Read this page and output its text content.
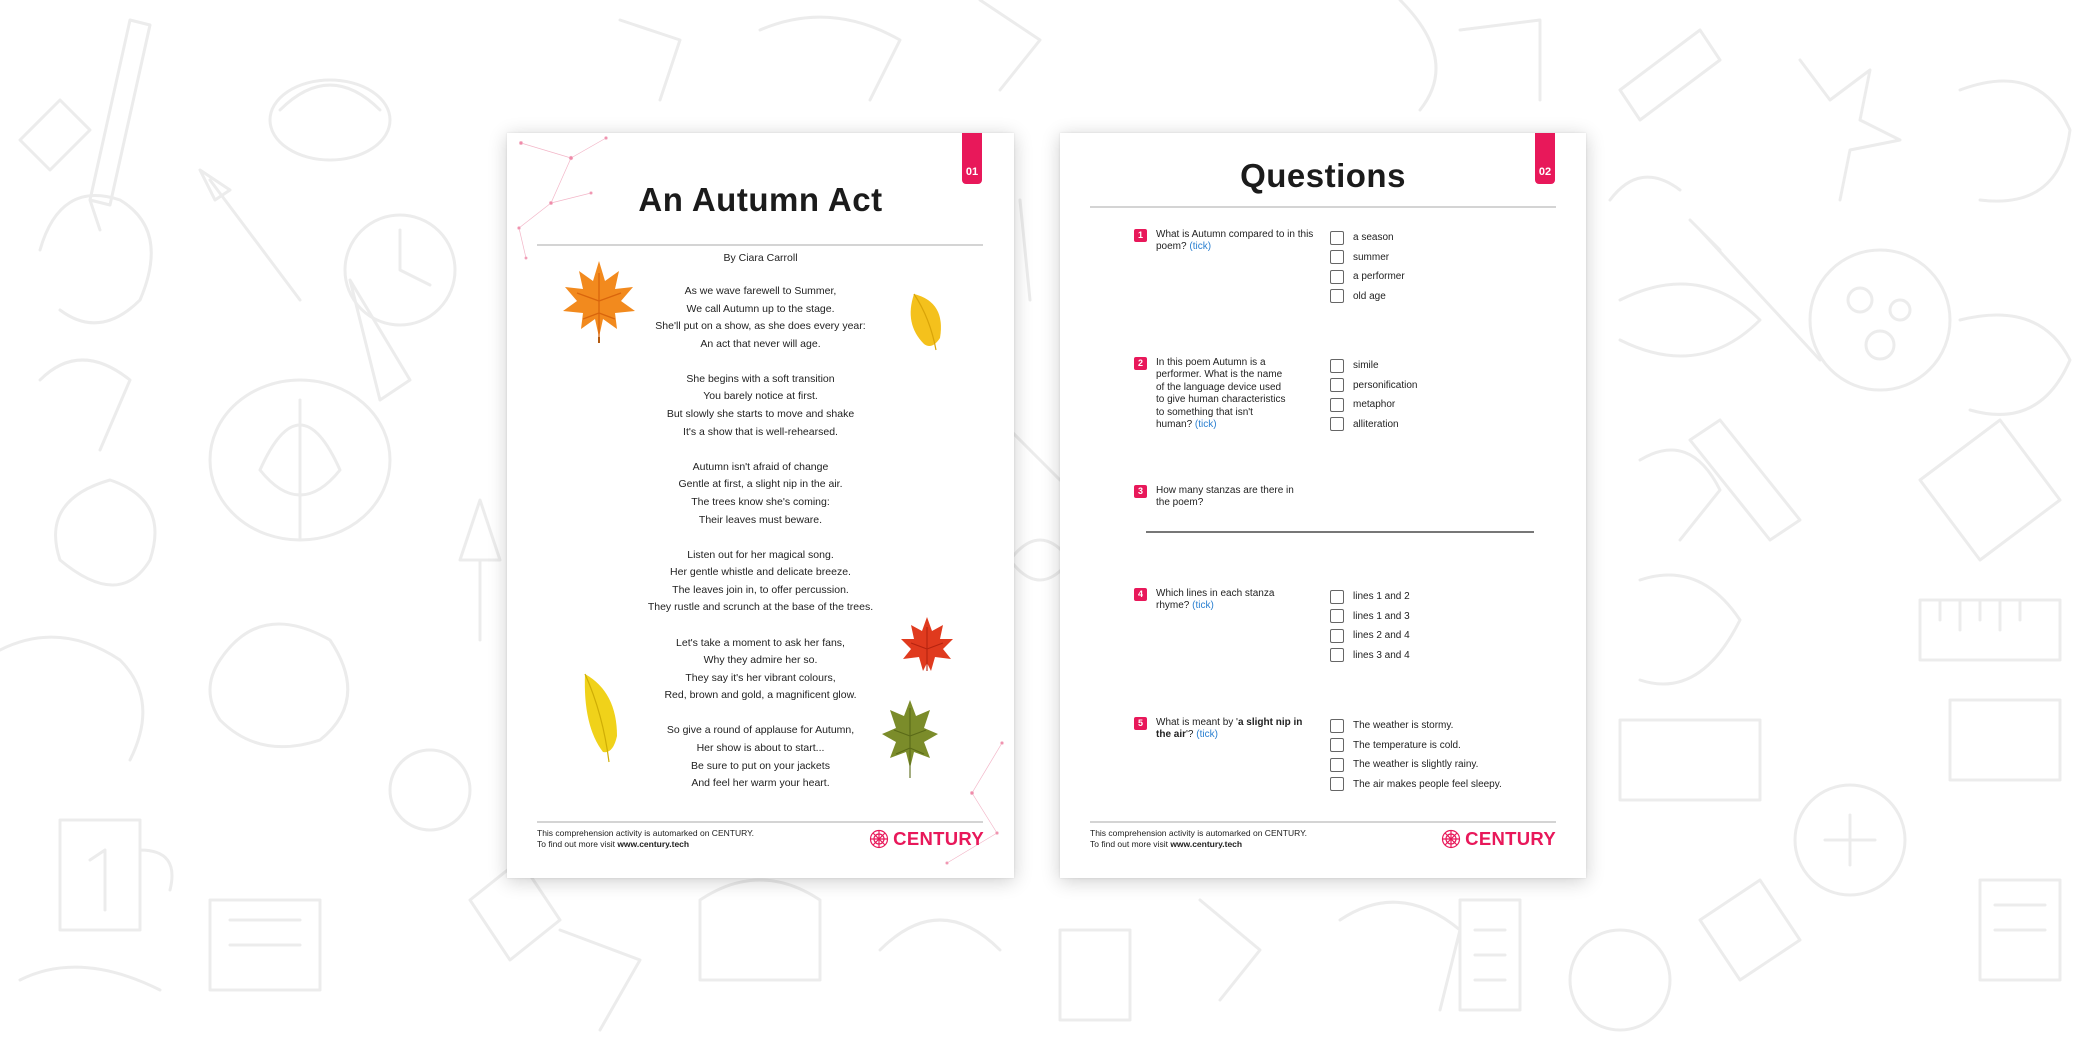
01
An Autumn Act
By Ciara Carroll
As we wave farewell to Summer,
We call Autumn up to the stage.
She'll put on a show, as she does every year:
An act that never will age.
She begins with a soft transition
You barely notice at first.
But slowly she starts to move and shake
It's a show that is well-rehearsed.
Autumn isn't afraid of change
Gentle at first, a slight nip in the air.
The trees know she's coming:
Their leaves must beware.
Listen out for her magical song.
Her gentle whistle and delicate breeze.
The leaves join in, to offer percussion.
They rustle and scrunch at the base of the trees.
Let's take a moment to ask her fans,
Why they admire her so.
They say it's her vibrant colours,
Red, brown and gold, a magnificent glow.
So give a round of applause for Autumn,
Her show is about to start...
Be sure to put on your jackets
And feel her warm your heart.
This comprehension activity is automarked on CENTURY.
To find out more visit www.century.tech	CENTURY
02
Questions
1	What is Autumn compared to in this poem? (tick)
a season
summer
a performer
old age
2	In this poem Autumn is a performer. What is the name of the language device used to give human characteristics to something that isn't human? (tick)
simile
personification
metaphor
alliteration
3	How many stanzas are there in the poem?
4	Which lines in each stanza rhyme? (tick)
lines 1 and 2
lines 1 and 3
lines 2 and 4
lines 3 and 4
5	What is meant by 'a slight nip in the air'? (tick)
The weather is stormy.
The temperature is cold.
The weather is slightly rainy.
The air makes people feel sleepy.
This comprehension activity is automarked on CENTURY.
To find out more visit www.century.tech	CENTURY
